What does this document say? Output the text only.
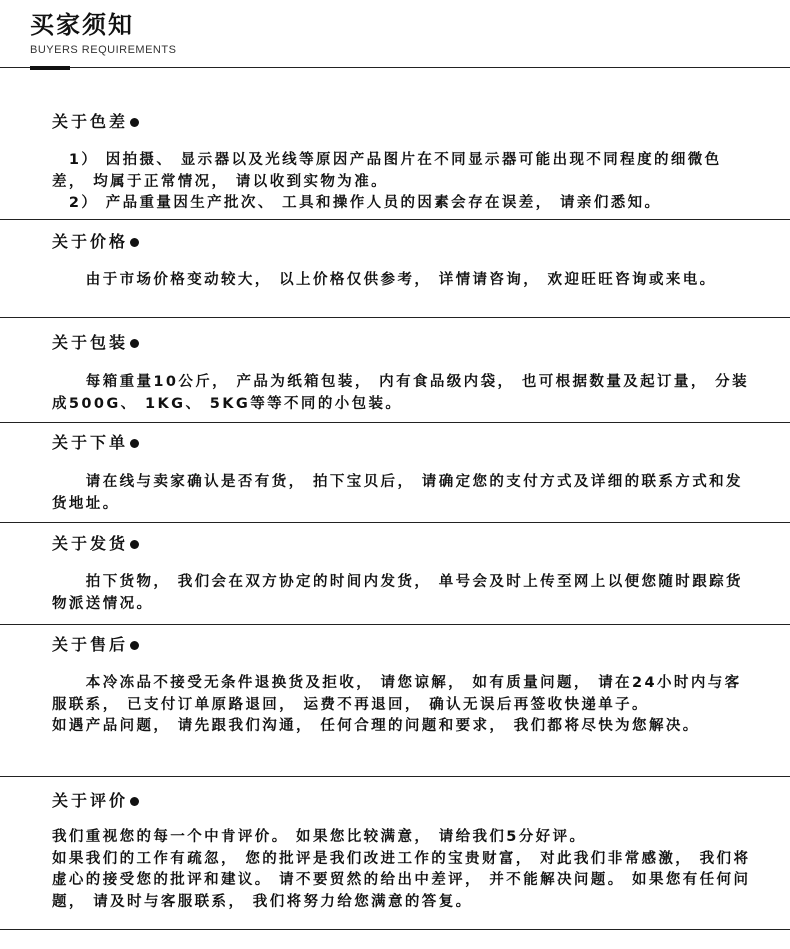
买家须知
BUYERS REQUIREMENTS
关于色差

　1） 因拍摄、 显示器以及光线等原因产品图片在不同显示器可能出现不同程度的细微色差， 均属于正常情况， 请以收到实物为准。

　2） 产品重量因生产批次、 工具和操作人员的因素会存在误差， 请亲们悉知。

关于价格

　　由于市场价格变动较大， 以上价格仅供参考， 详情请咨询， 欢迎旺旺咨询或来电。

关于包装

　　每箱重量10公斤， 产品为纸箱包装， 内有食品级内袋， 也可根据数量及起订量， 分装成500G、 1KG、 5KG等等不同的小包装。

关于下单

　　请在线与卖家确认是否有货， 拍下宝贝后， 请确定您的支付方式及详细的联系方式和发货地址。

关于发货

　　拍下货物， 我们会在双方协定的时间内发货， 单号会及时上传至网上以便您随时跟踪货物派送情况。

关于售后

　　本冷冻品不接受无条件退换货及拒收， 请您谅解， 如有质量问题， 请在24小时内与客服联系， 已支付订单原路退回， 运费不再退回， 确认无误后再签收快递单子。

如遇产品问题， 请先跟我们沟通， 任何合理的问题和要求， 我们都将尽快为您解决。

关于评价

我们重视您的每一个中肯评价。 如果您比较满意， 请给我们5分好评。

如果我们的工作有疏忽， 您的批评是我们改进工作的宝贵财富， 对此我们非常感激， 我们将虚心的接受您的批评和建议。 请不要贸然的给出中差评， 并不能解决问题。 如果您有任何问题， 请及时与客服联系， 我们将努力给您满意的答复。
